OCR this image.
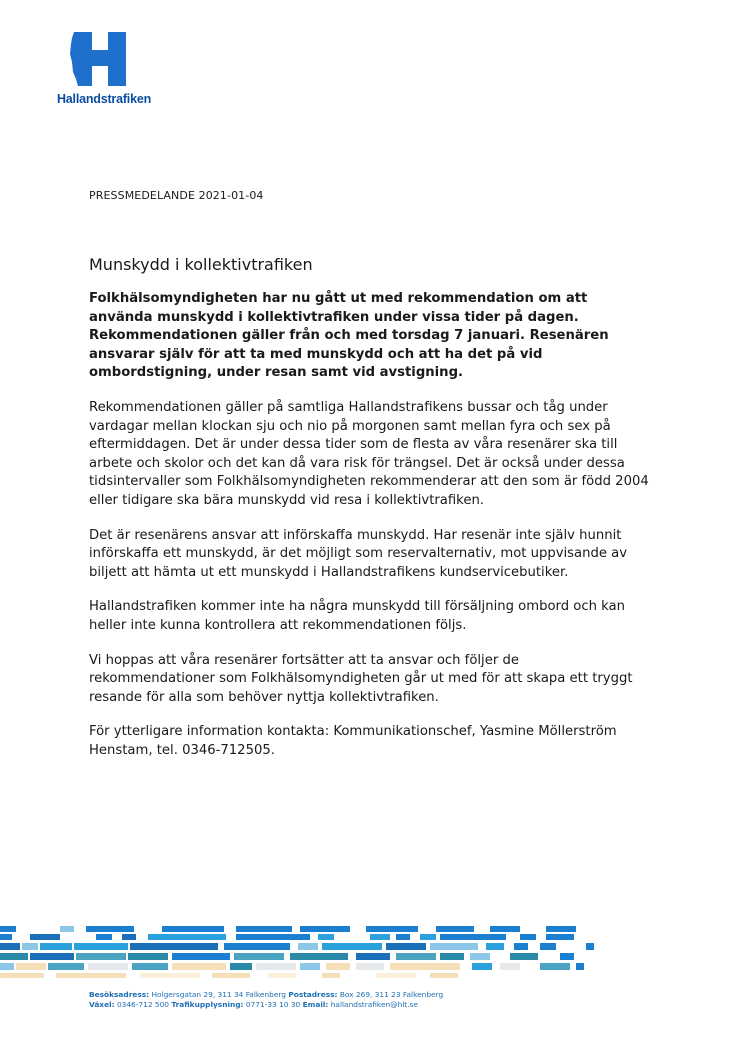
Hallandstrafiken
PRESSMEDELANDE 2021-01-04
Munskydd i kollektivtrafiken

Folkhälsomyndigheten har nu gått ut med rekommendation om att använda munskydd i kollektivtrafiken under vissa tider på dagen. Rekommendationen gäller från och med torsdag 7 januari. Resenären ansvarar själv för att ta med munskydd och att ha det på vid ombordstigning, under resan samt vid avstigning.

Rekommendationen gäller på samtliga Hallandstrafikens bussar och tåg under vardagar mellan klockan sju och nio på morgonen samt mellan fyra och sex på eftermiddagen. Det är under dessa tider som de flesta av våra resenärer ska till arbete och skolor och det kan då vara risk för trängsel. Det är också under dessa tidsintervaller som Folkhälsomyndigheten rekommenderar att den som är född 2004 eller tidigare ska bära munskydd vid resa i kollektivtrafiken.

Det är resenärens ansvar att införskaffa munskydd. Har resenär inte själv hunnit införskaffa ett munskydd, är det möjligt som reservalternativ, mot uppvisande av biljett att hämta ut ett munskydd i Hallandstrafikens kundservicebutiker.

Hallandstrafiken kommer inte ha några munskydd till försäljning ombord och kan heller inte kunna kontrollera att rekommendationen följs.

Vi hoppas att våra resenärer fortsätter att ta ansvar och följer de rekommendationer som Folkhälsomyndigheten går ut med för att skapa ett tryggt resande för alla som behöver nyttja kollektivtrafiken.

För ytterligare information kontakta: Kommunikationschef, Yasmine Möllerström Henstam, tel. 0346-712505.

Besöksadress: Holgersgatan 29, 311 34 Falkenberg Postadress: Box 269, 311 23 Falkenberg
Växel: 0346-712 500 Trafikupplysning: 0771-33 10 30 Email: hallandstrafiken@hlt.se
